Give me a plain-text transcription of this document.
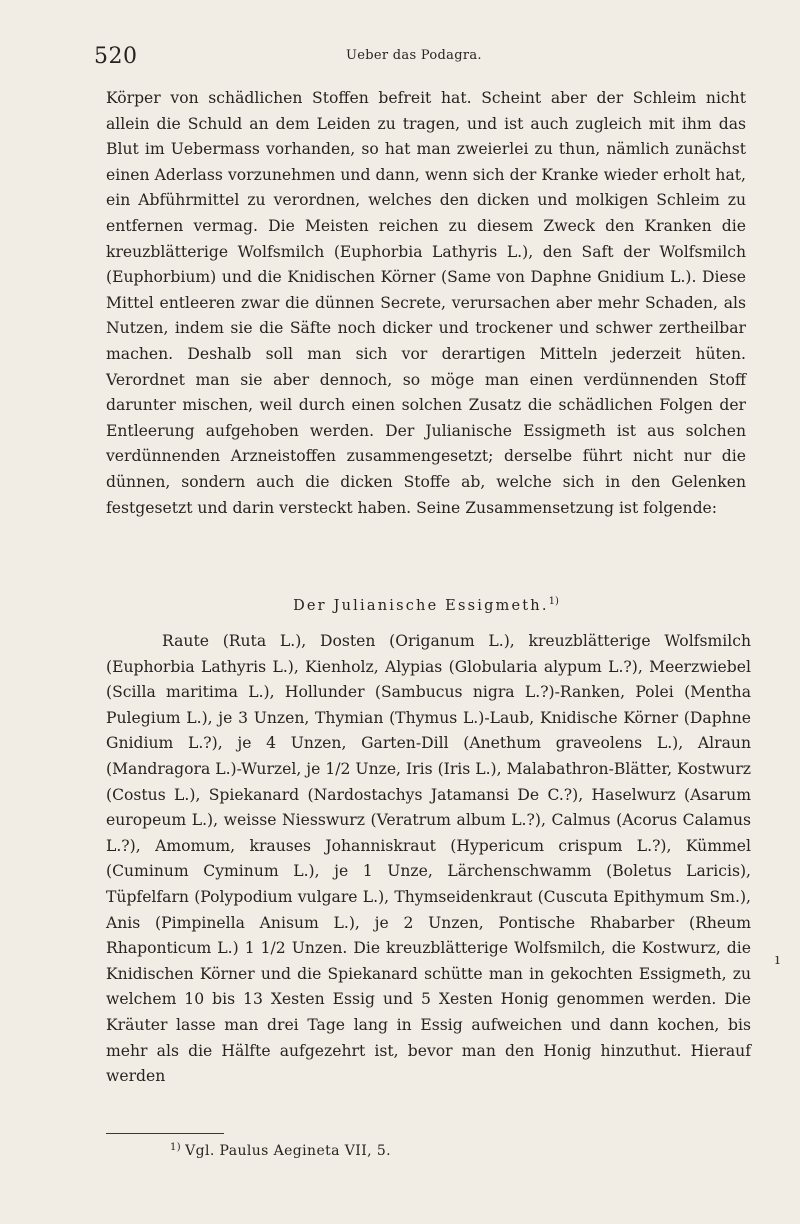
520	Ueber das Podagra.

Körper von schädlichen Stoffen befreit hat. Scheint aber der Schleim nicht allein die Schuld an dem Leiden zu tragen, und ist auch zugleich mit ihm das Blut im Uebermass vorhanden, so hat man zweierlei zu thun, nämlich zunächst einen Aderlass vorzunehmen und dann, wenn sich der Kranke wieder erholt hat, ein Abführmittel zu verordnen, welches den dicken und molkigen Schleim zu entfernen vermag. Die Meisten reichen zu diesem Zweck den Kranken die kreuzblätterige Wolfsmilch (Euphorbia Lathyris L.), den Saft der Wolfsmilch (Euphorbium) und die Knidischen Körner (Same von Daphne Gnidium L.). Diese Mittel entleeren zwar die dünnen Secrete, verursachen aber mehr Schaden, als Nutzen, indem sie die Säfte noch dicker und trockener und schwer zertheilbar machen. Deshalb soll man sich vor derartigen Mitteln jederzeit hüten. Verordnet man sie aber dennoch, so möge man einen verdünnenden Stoff darunter mischen, weil durch einen solchen Zusatz die schädlichen Folgen der Entleerung aufgehoben werden. Der Julianische Essigmeth ist aus solchen verdünnenden Arzneistoffen zusammengesetzt; derselbe führt nicht nur die dünnen, sondern auch die dicken Stoffe ab, welche sich in den Gelenken festgesetzt und darin versteckt haben. Seine Zusammensetzung ist folgende:

Der Julianische Essigmeth.$^{1)}$

Raute (Ruta L.), Dosten (Origanum L.), kreuzblätterige Wolfsmilch (Euphorbia Lathyris L.), Kienholz, Alypias (Globularia alypum L.?), Meerzwiebel (Scilla maritima L.), Hollunder (Sambucus nigra L.?)-Ranken, Polei (Mentha Pulegium L.), je 3 Unzen, Thymian (Thymus L.)-Laub, Knidische Körner (Daphne Gnidium L.?), je 4 Unzen, Garten-Dill (Anethum graveolens L.), Alraun (Mandragora L.)-Wurzel, je 1/2 Unze, Iris (Iris L.), Malabathron-Blätter, Kostwurz (Costus L.), Spiekanard (Nardostachys Jatamansi De C.?), Haselwurz (Asarum europeum L.), weisse Niesswurz (Veratrum album L.?), Calmus (Acorus Calamus L.?), Amomum, krauses Johanniskraut (Hypericum crispum L.?), Kümmel (Cuminum Cyminum L.), je 1 Unze, Lärchenschwamm (Boletus Laricis), Tüpfelfarn (Polypodium vulgare L.), Thymseidenkraut (Cuscuta Epithymum Sm.), Anis (Pimpinella Anisum L.), je 2 Unzen, Pontische Rhabarber (Rheum Rhaponticum L.) 1 1/2 Unzen. Die kreuzblätterige Wolfsmilch, die Kostwurz, die Knidischen Körner und die Spiekanard schütte man in gekochten Essigmeth, zu welchem 10 bis 13 Xesten Essig und 5 Xesten Honig genommen werden. Die Kräuter lasse man drei Tage lang in Essig aufweichen und dann kochen, bis mehr als die Hälfte aufgezehrt ist, bevor man den Honig hinzuthut. Hierauf werden

ı
$^{1)}$ Vgl. Paulus Aegineta VII, 5.
